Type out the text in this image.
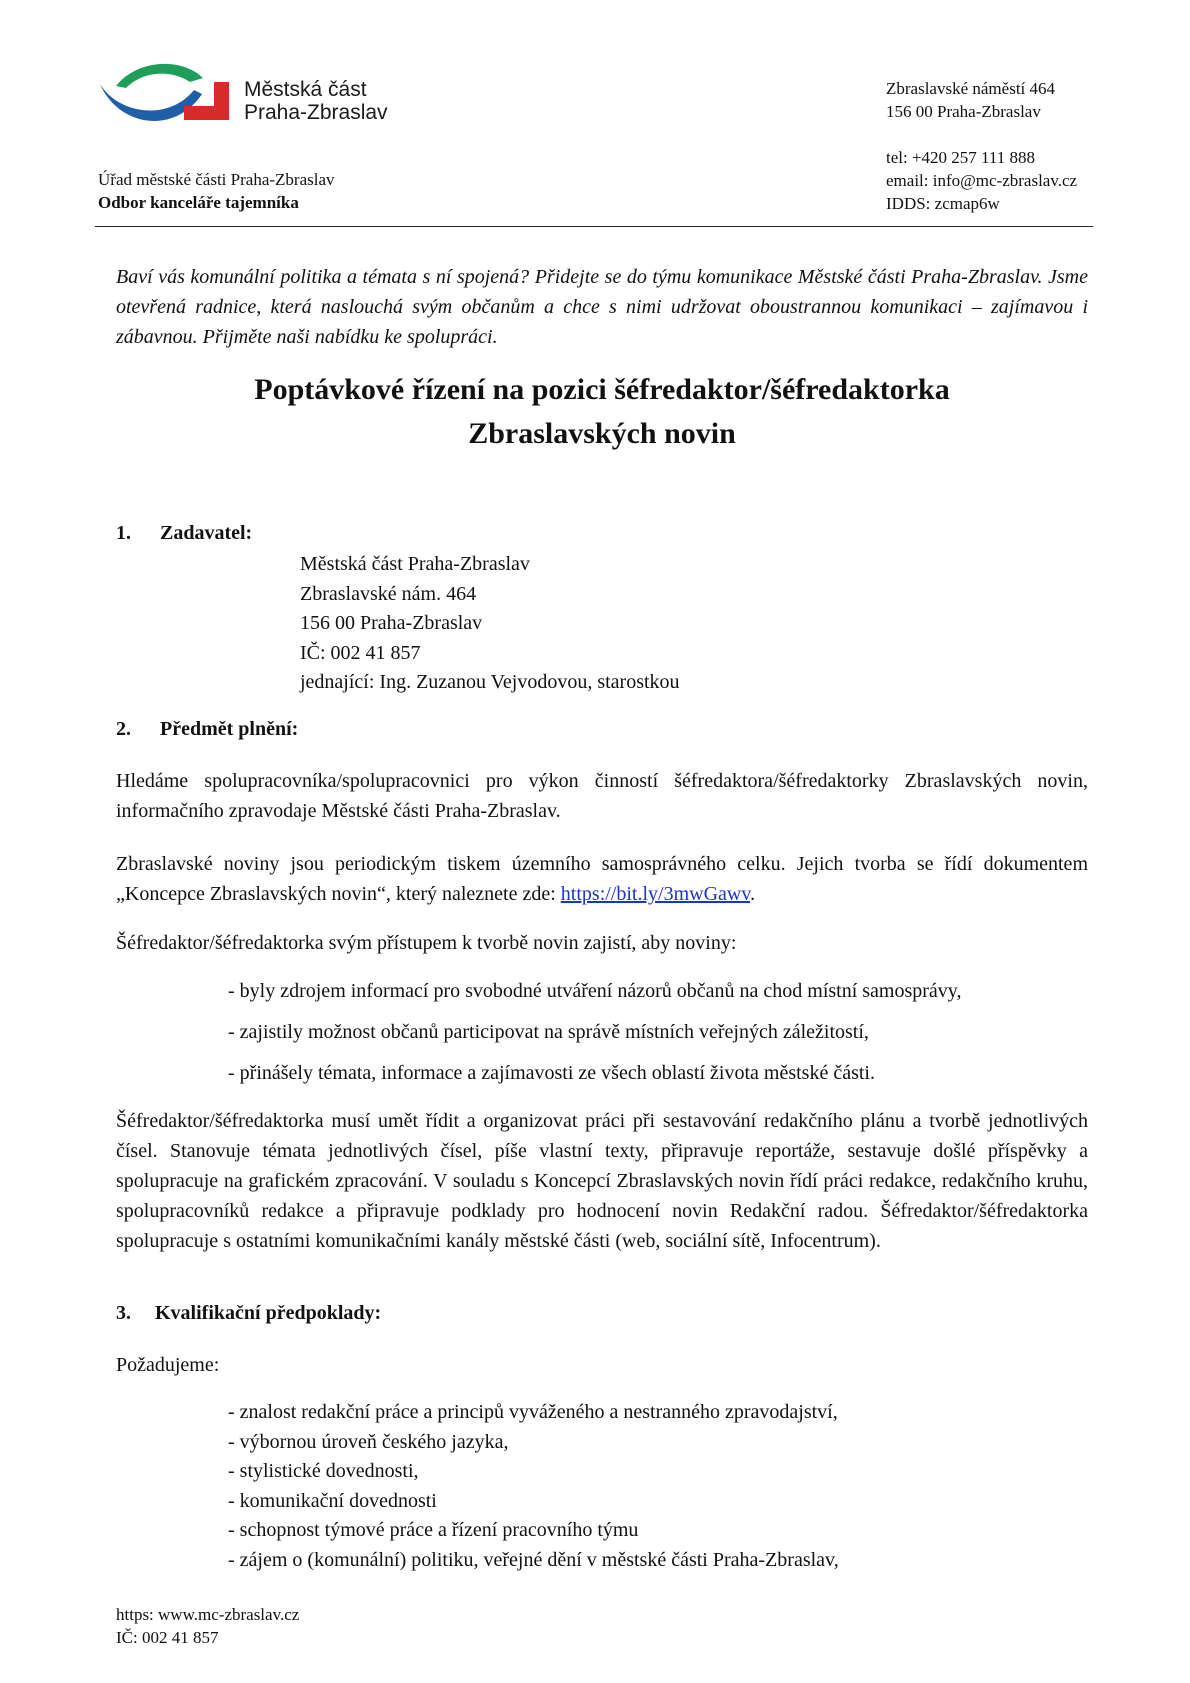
Městská část
Praha-Zbraslav
Úřad městské části Praha-Zbraslav
Odbor kanceláře tajemníka
Zbraslavské náměstí 464
156 00 Praha-Zbraslav
tel: +420 257 111 888
email: info@mc-zbraslav.cz
IDDS: zcmap6w
Baví vás komunální politika a témata s ní spojená? Přidejte se do týmu komunikace Městské části Praha-Zbraslav. Jsme otevřená radnice, která naslouchá svým občanům a chce s nimi udržovat oboustrannou komunikaci – zajímavou i zábavnou. Přijměte naši nabídku ke spolupráci.
Poptávkové řízení na pozici šéfredaktor/šéfredaktorka
Zbraslavských novin
1. Zadavatel:
Městská část Praha-Zbraslav
Zbraslavské nám. 464
156 00 Praha-Zbraslav
IČ: 002 41 857
jednající: Ing. Zuzanou Vejvodovou, starostkou
2. Předmět plnění:
Hledáme spolupracovníka/spolupracovnici pro výkon činností šéfredaktora/šéfredaktorky Zbraslavských novin, informačního zpravodaje Městské části Praha-Zbraslav.
Zbraslavské noviny jsou periodickým tiskem územního samosprávného celku. Jejich tvorba se řídí dokumentem „Koncepce Zbraslavských novin“, který naleznete zde: https://bit.ly/3mwGawv.
Šéfredaktor/šéfredaktorka svým přístupem k tvorbě novin zajistí, aby noviny:
- byly zdrojem informací pro svobodné utváření názorů občanů na chod místní samosprávy,
- zajistily možnost občanů participovat na správě místních veřejných záležitostí,
- přinášely témata, informace a zajímavosti ze všech oblastí života městské části.
Šéfredaktor/šéfredaktorka musí umět řídit a organizovat práci při sestavování redakčního plánu a tvorbě jednotlivých čísel. Stanovuje témata jednotlivých čísel, píše vlastní texty, připravuje reportáže, sestavuje došlé příspěvky a spolupracuje na grafickém zpracování. V souladu s Koncepcí Zbraslavských novin řídí práci redakce, redakčního kruhu, spolupracovníků redakce a připravuje podklady pro hodnocení novin Redakční radou. Šéfredaktor/šéfredaktorka spolupracuje s ostatními komunikačními kanály městské části (web, sociální sítě, Infocentrum).
3. Kvalifikační předpoklady:
Požadujeme:
- znalost redakční práce a principů vyváženého a nestranného zpravodajství,
- výbornou úroveň českého jazyka,
- stylistické dovednosti,
- komunikační dovednosti
- schopnost týmové práce a řízení pracovního týmu
- zájem o (komunální) politiku, veřejné dění v městské části Praha-Zbraslav,
https: www.mc-zbraslav.cz
IČ: 002 41 857
